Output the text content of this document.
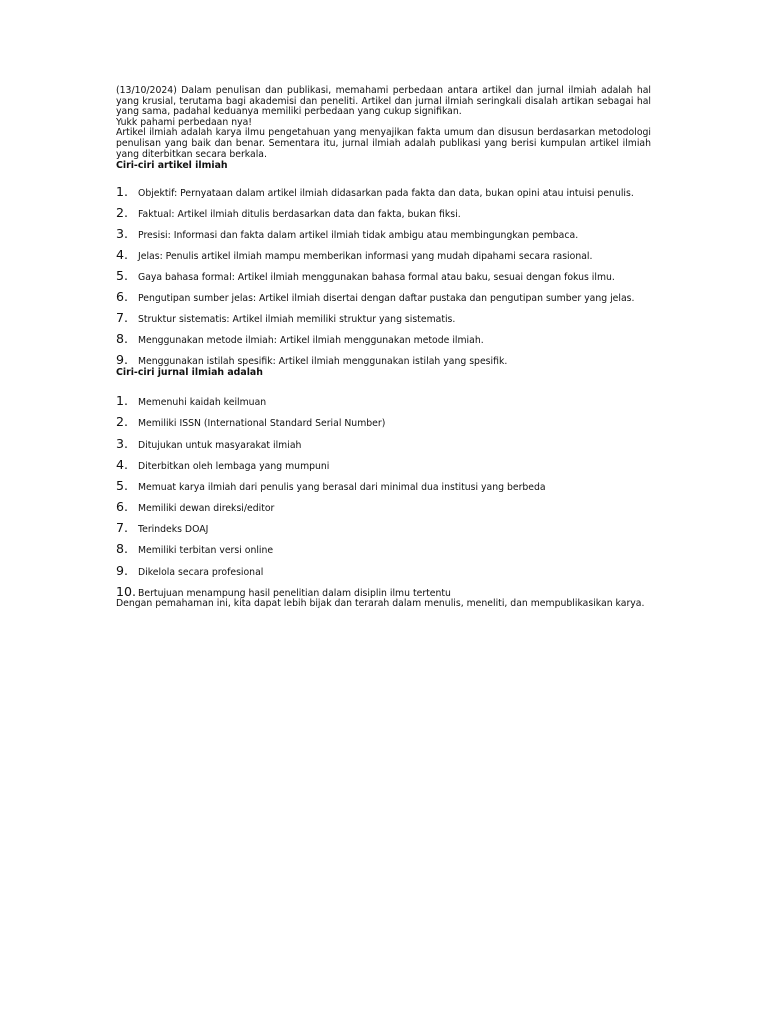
(13/10/2024) Dalam penulisan dan publikasi, memahami perbedaan antara artikel dan jurnal ilmiah adalah hal yang krusial, terutama bagi akademisi dan peneliti. Artikel dan jurnal ilmiah seringkali disalah artikan sebagai hal yang sama, padahal keduanya memiliki perbedaan yang cukup signifikan.

Yukk pahami perbedaan nya!

Artikel ilmiah adalah karya ilmu pengetahuan yang menyajikan fakta umum dan disusun berdasarkan metodologi penulisan yang baik dan benar. Sementara itu, jurnal ilmiah adalah publikasi yang berisi kumpulan artikel ilmiah yang diterbitkan secara berkala.

Ciri-ciri artikel ilmiah

1. Objektif: Pernyataan dalam artikel ilmiah didasarkan pada fakta dan data, bukan opini atau intuisi penulis.
2. Faktual: Artikel ilmiah ditulis berdasarkan data dan fakta, bukan fiksi.
3. Presisi: Informasi dan fakta dalam artikel ilmiah tidak ambigu atau membingungkan pembaca.
4. Jelas: Penulis artikel ilmiah mampu memberikan informasi yang mudah dipahami secara rasional.
5. Gaya bahasa formal: Artikel ilmiah menggunakan bahasa formal atau baku, sesuai dengan fokus ilmu.
6. Pengutipan sumber jelas: Artikel ilmiah disertai dengan daftar pustaka dan pengutipan sumber yang jelas.
7. Struktur sistematis: Artikel ilmiah memiliki struktur yang sistematis.
8. Menggunakan metode ilmiah: Artikel ilmiah menggunakan metode ilmiah.
9. Menggunakan istilah spesifik: Artikel ilmiah menggunakan istilah yang spesifik.

Ciri-ciri jurnal ilmiah adalah

1. Memenuhi kaidah keilmuan
2. Memiliki ISSN (International Standard Serial Number)
3. Ditujukan untuk masyarakat ilmiah
4. Diterbitkan oleh lembaga yang mumpuni
5. Memuat karya ilmiah dari penulis yang berasal dari minimal dua institusi yang berbeda
6. Memiliki dewan direksi/editor
7. Terindeks DOAJ
8. Memiliki terbitan versi online
9. Dikelola secara profesional
10. Bertujuan menampung hasil penelitian dalam disiplin ilmu tertentu

Dengan pemahaman ini, kita dapat lebih bijak dan terarah dalam menulis, meneliti, dan mempublikasikan karya.
